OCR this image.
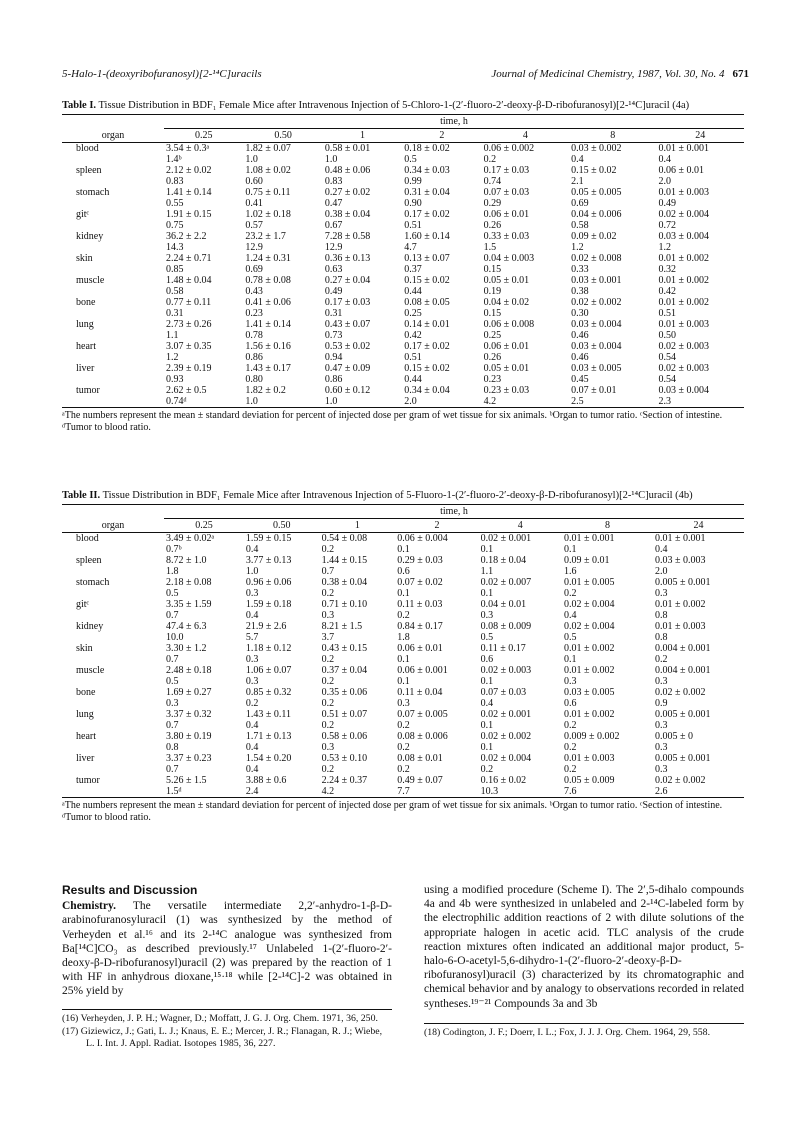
5-Halo-1-(deoxyribofuranosyl)[2-¹⁴C]uracils	Journal of Medicinal Chemistry, 1987, Vol. 30, No. 4 671
Table I. Tissue Distribution in BDF₁ Female Mice after Intravenous Injection of 5-Chloro-1-(2′-fluoro-2′-deoxy-β-D-ribofuranosyl)[2-¹⁴C]uracil (4a)
	time, h						
organ	0.25	0.50	1	2	4	8	24
blood	3.54 ± 0.3ᵃ	1.82 ± 0.07	0.58 ± 0.01	0.18 ± 0.02	0.06 ± 0.002	0.03 ± 0.002	0.01 ± 0.001
	1.4ᵇ	1.0	1.0	0.5	0.2	0.4	0.4
spleen	2.12 ± 0.02	1.08 ± 0.02	0.48 ± 0.06	0.34 ± 0.03	0.17 ± 0.03	0.15 ± 0.02	0.06 ± 0.01
	0.83	0.60	0.83	0.99	0.74	2.1	2.0
stomach	1.41 ± 0.14	0.75 ± 0.11	0.27 ± 0.02	0.31 ± 0.04	0.07 ± 0.03	0.05 ± 0.005	0.01 ± 0.003
	0.55	0.41	0.47	0.90	0.29	0.69	0.49
gitᶜ	1.91 ± 0.15	1.02 ± 0.18	0.38 ± 0.04	0.17 ± 0.02	0.06 ± 0.01	0.04 ± 0.006	0.02 ± 0.004
	0.75	0.57	0.67	0.51	0.26	0.58	0.72
kidney	36.2 ± 2.2	23.2 ± 1.7	7.28 ± 0.58	1.60 ± 0.14	0.33 ± 0.03	0.09 ± 0.02	0.03 ± 0.004
	14.3	12.9	12.9	4.7	1.5	1.2	1.2
skin	2.24 ± 0.71	1.24 ± 0.31	0.36 ± 0.13	0.13 ± 0.07	0.04 ± 0.003	0.02 ± 0.008	0.01 ± 0.002
	0.85	0.69	0.63	0.37	0.15	0.33	0.32
muscle	1.48 ± 0.04	0.78 ± 0.08	0.27 ± 0.04	0.15 ± 0.02	0.05 ± 0.01	0.03 ± 0.001	0.01 ± 0.002
	0.58	0.43	0.49	0.44	0.19	0.38	0.42
bone	0.77 ± 0.11	0.41 ± 0.06	0.17 ± 0.03	0.08 ± 0.05	0.04 ± 0.02	0.02 ± 0.002	0.01 ± 0.002
	0.31	0.23	0.31	0.25	0.15	0.30	0.51
lung	2.73 ± 0.26	1.41 ± 0.14	0.43 ± 0.07	0.14 ± 0.01	0.06 ± 0.008	0.03 ± 0.004	0.01 ± 0.003
	1.1	0.78	0.73	0.42	0.25	0.46	0.50
heart	3.07 ± 0.35	1.56 ± 0.16	0.53 ± 0.02	0.17 ± 0.02	0.06 ± 0.01	0.03 ± 0.004	0.02 ± 0.003
	1.2	0.86	0.94	0.51	0.26	0.46	0.54
liver	2.39 ± 0.19	1.43 ± 0.17	0.47 ± 0.09	0.15 ± 0.02	0.05 ± 0.01	0.03 ± 0.005	0.02 ± 0.003
	0.93	0.80	0.86	0.44	0.23	0.45	0.54
tumor	2.62 ± 0.5	1.82 ± 0.2	0.60 ± 0.12	0.34 ± 0.04	0.23 ± 0.03	0.07 ± 0.01	0.03 ± 0.004
	0.74ᵈ	1.0	1.0	2.0	4.2	2.5	2.3
ᵃThe numbers represent the mean ± standard deviation for percent of injected dose per gram of wet tissue for six animals. ᵇOrgan to tumor ratio. ᶜSection of intestine. ᵈTumor to blood ratio.
Table II. Tissue Distribution in BDF₁ Female Mice after Intravenous Injection of 5-Fluoro-1-(2′-fluoro-2′-deoxy-β-D-ribofuranosyl)[2-¹⁴C]uracil (4b)
	time, h						
organ	0.25	0.50	1	2	4	8	24
blood	3.49 ± 0.02ᵃ	1.59 ± 0.15	0.54 ± 0.08	0.06 ± 0.004	0.02 ± 0.001	0.01 ± 0.001	0.01 ± 0.001
	0.7ᵇ	0.4	0.2	0.1	0.1	0.1	0.4
spleen	8.72 ± 1.0	3.77 ± 0.13	1.44 ± 0.15	0.29 ± 0.03	0.18 ± 0.04	0.09 ± 0.01	0.03 ± 0.003
	1.8	1.0	0.7	0.6	1.1	1.6	2.0
stomach	2.18 ± 0.08	0.96 ± 0.06	0.38 ± 0.04	0.07 ± 0.02	0.02 ± 0.007	0.01 ± 0.005	0.005 ± 0.001
	0.5	0.3	0.2	0.1	0.1	0.2	0.3
gitᶜ	3.35 ± 1.59	1.59 ± 0.18	0.71 ± 0.10	0.11 ± 0.03	0.04 ± 0.01	0.02 ± 0.004	0.01 ± 0.002
	0.7	0.4	0.3	0.2	0.3	0.4	0.8
kidney	47.4 ± 6.3	21.9 ± 2.6	8.21 ± 1.5	0.84 ± 0.17	0.08 ± 0.009	0.02 ± 0.004	0.01 ± 0.003
	10.0	5.7	3.7	1.8	0.5	0.5	0.8
skin	3.30 ± 1.2	1.18 ± 0.12	0.43 ± 0.15	0.06 ± 0.01	0.11 ± 0.17	0.01 ± 0.002	0.004 ± 0.001
	0.7	0.3	0.2	0.1	0.6	0.1	0.2
muscle	2.48 ± 0.18	1.06 ± 0.07	0.37 ± 0.04	0.06 ± 0.001	0.02 ± 0.003	0.01 ± 0.002	0.004 ± 0.001
	0.5	0.3	0.2	0.1	0.1	0.3	0.3
bone	1.69 ± 0.27	0.85 ± 0.32	0.35 ± 0.06	0.11 ± 0.04	0.07 ± 0.03	0.03 ± 0.005	0.02 ± 0.002
	0.3	0.2	0.2	0.3	0.4	0.6	0.9
lung	3.37 ± 0.32	1.43 ± 0.11	0.51 ± 0.07	0.07 ± 0.005	0.02 ± 0.001	0.01 ± 0.002	0.005 ± 0.001
	0.7	0.4	0.2	0.2	0.1	0.2	0.3
heart	3.80 ± 0.19	1.71 ± 0.13	0.58 ± 0.06	0.08 ± 0.006	0.02 ± 0.002	0.009 ± 0.002	0.005 ± 0
	0.8	0.4	0.3	0.2	0.1	0.2	0.3
liver	3.37 ± 0.23	1.54 ± 0.20	0.53 ± 0.10	0.08 ± 0.01	0.02 ± 0.004	0.01 ± 0.003	0.005 ± 0.001
	0.7	0.4	0.2	0.2	0.2	0.2	0.3
tumor	5.26 ± 1.5	3.88 ± 0.6	2.24 ± 0.37	0.49 ± 0.07	0.16 ± 0.02	0.05 ± 0.009	0.02 ± 0.002
	1.5ᵈ	2.4	4.2	7.7	10.3	7.6	2.6
ᵃThe numbers represent the mean ± standard deviation for percent of injected dose per gram of wet tissue for six animals. ᵇOrgan to tumor ratio. ᶜSection of intestine. ᵈTumor to blood ratio.
Results and Discussion

Chemistry. The versatile intermediate 2,2′-anhydro-1-β-D-arabinofuranosyluracil (1) was synthesized by the method of Verheyden et al.¹⁶ and its 2-¹⁴C analogue was synthesized from Ba[¹⁴C]CO₃ as described previously.¹⁷ Unlabeled 1-(2′-fluoro-2′-deoxy-β-D-ribofuranosyl)uracil (2) was prepared by the reaction of 1 with HF in anhydrous dioxane,¹⁵·¹⁸ while [2-¹⁴C]-2 was obtained in 25% yield by

(16) Verheyden, J. P. H.; Wagner, D.; Moffatt, J. G. J. Org. Chem. 1971, 36, 250.
(17) Giziewicz, J.; Gati, L. J.; Knaus, E. E.; Mercer, J. R.; Flanagan, R. J.; Wiebe, L. I. Int. J. Appl. Radiat. Isotopes 1985, 36, 227.

using a modified procedure (Scheme I). The 2′,5-dihalo compounds 4a and 4b were synthesized in unlabeled and 2-¹⁴C-labeled form by the electrophilic addition reactions of 2 with dilute solutions of the appropriate halogen in acetic acid. TLC analysis of the crude reaction mixtures often indicated an additional major product, 5-halo-6-O-acetyl-5,6-dihydro-1-(2′-fluoro-2′-deoxy-β-D-ribofuranosyl)uracil (3) characterized by its chromatographic and chemical behavior and by analogy to observations recorded in related syntheses.¹⁹⁻²¹ Compounds 3a and 3b

(18) Codington, J. F.; Doerr, I. L.; Fox, J. J. J. Org. Chem. 1964, 29, 558.
